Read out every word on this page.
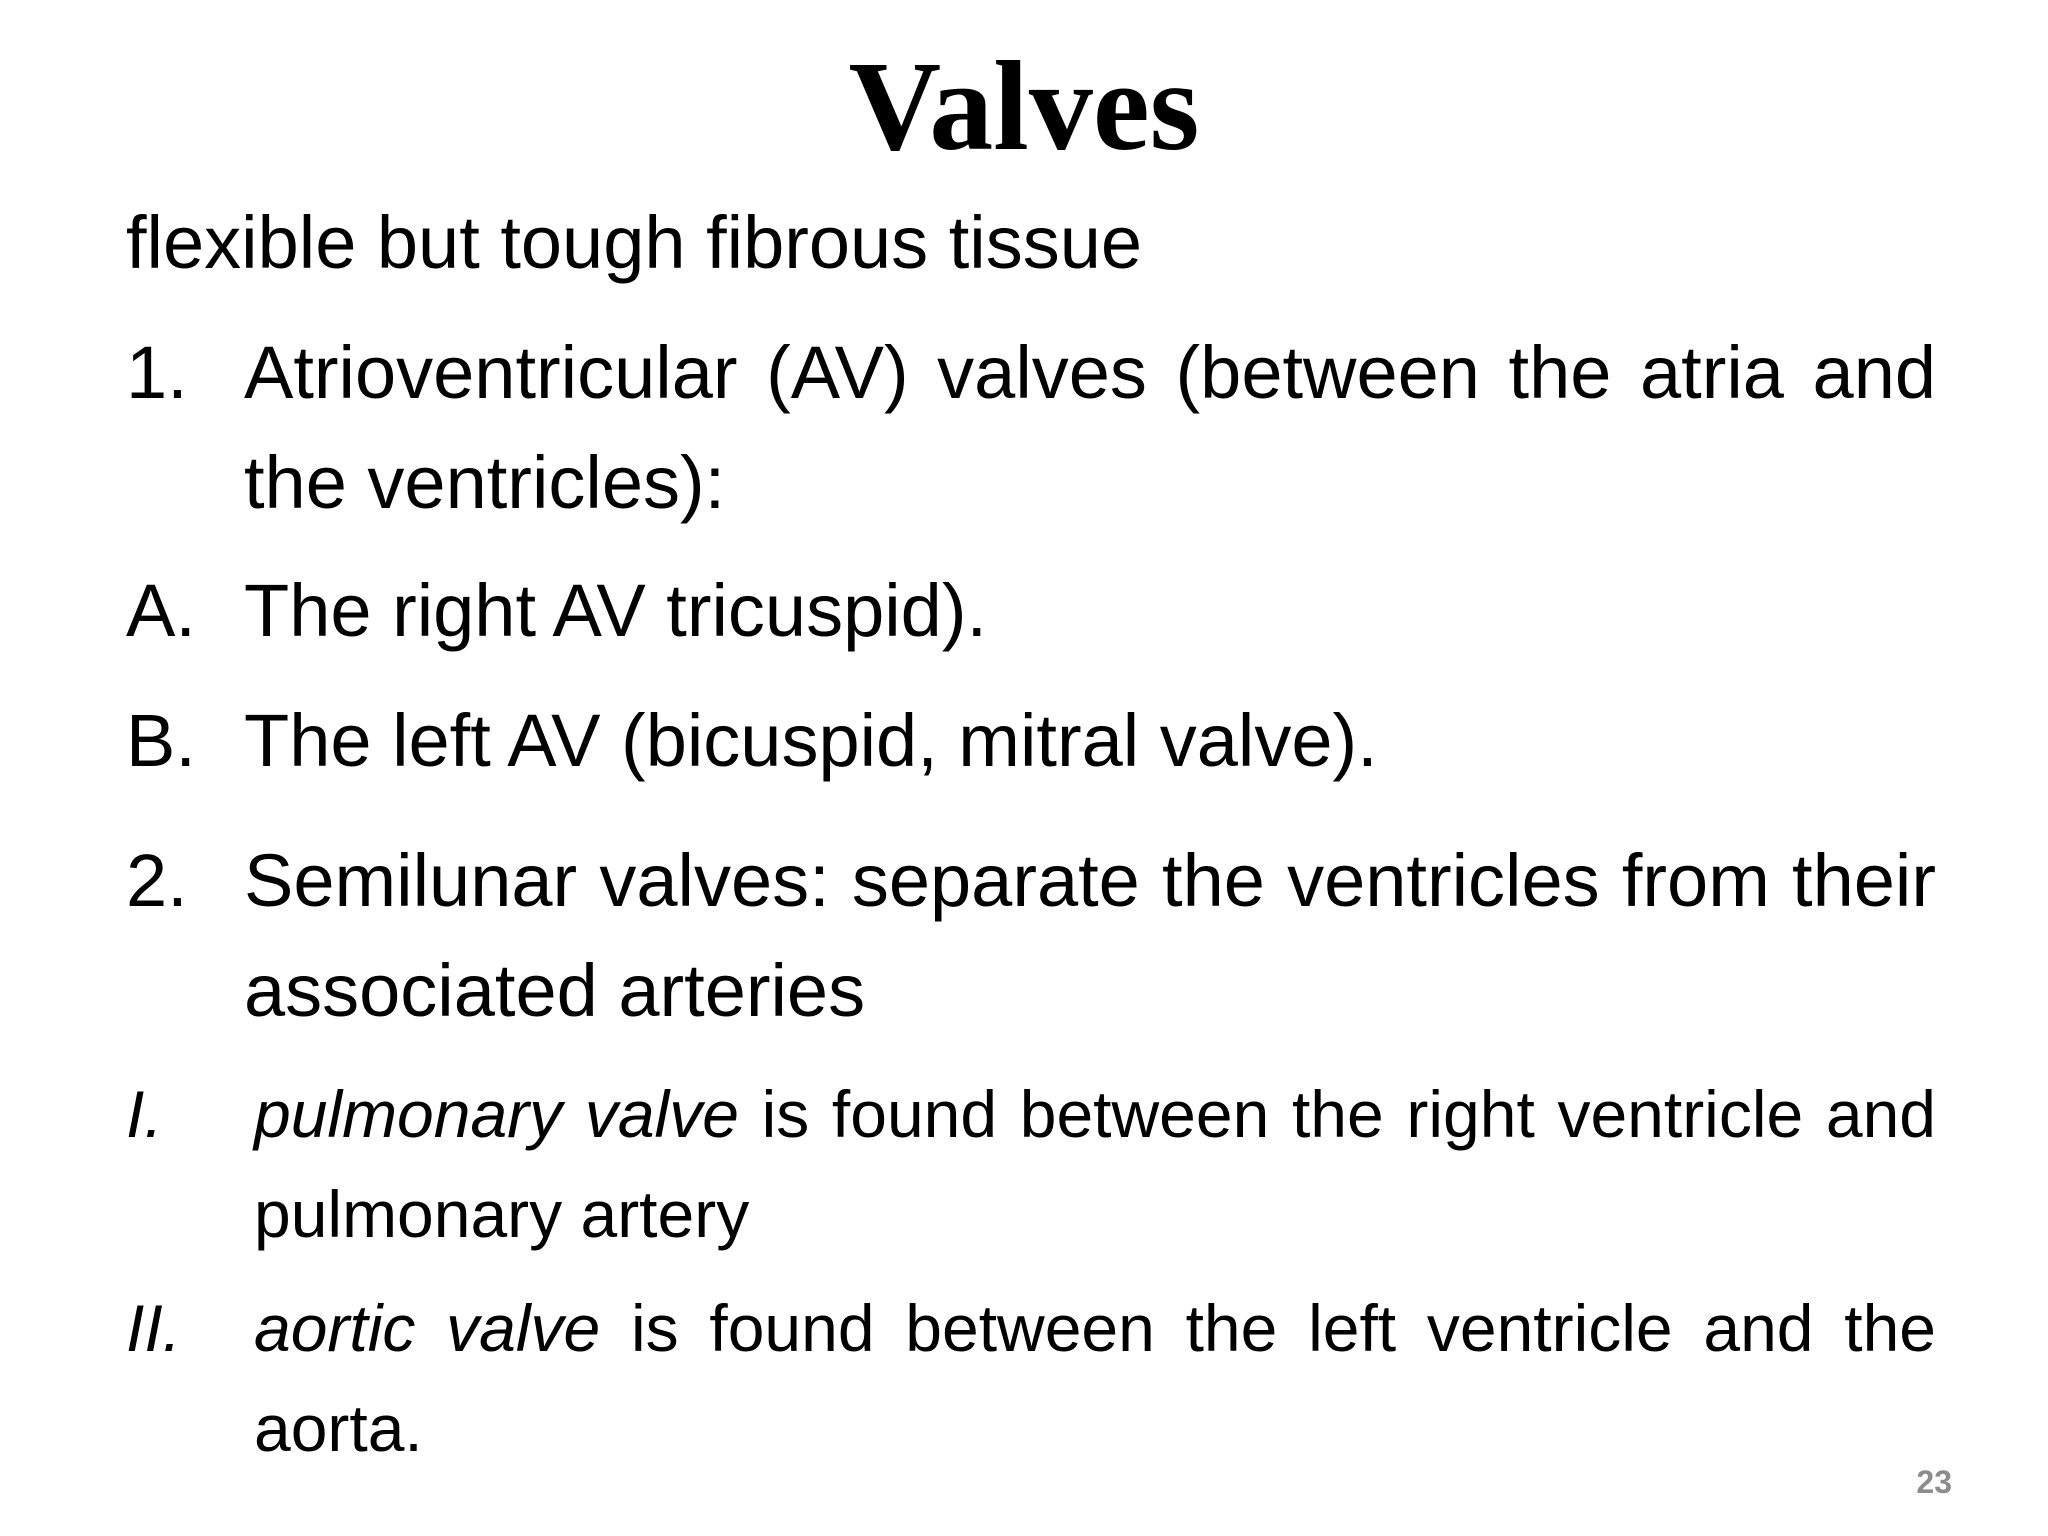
Valves
flexible but tough fibrous tissue
1. Atrioventricular (AV) valves (between the atria and the ventricles):
A. The right AV tricuspid).
B. The left AV (bicuspid, mitral valve).
2. Semilunar valves: separate the ventricles from their associated arteries
I. pulmonary valve is found between the right ventricle and pulmonary artery
II. aortic valve is found between the left ventricle and the aorta.
23
